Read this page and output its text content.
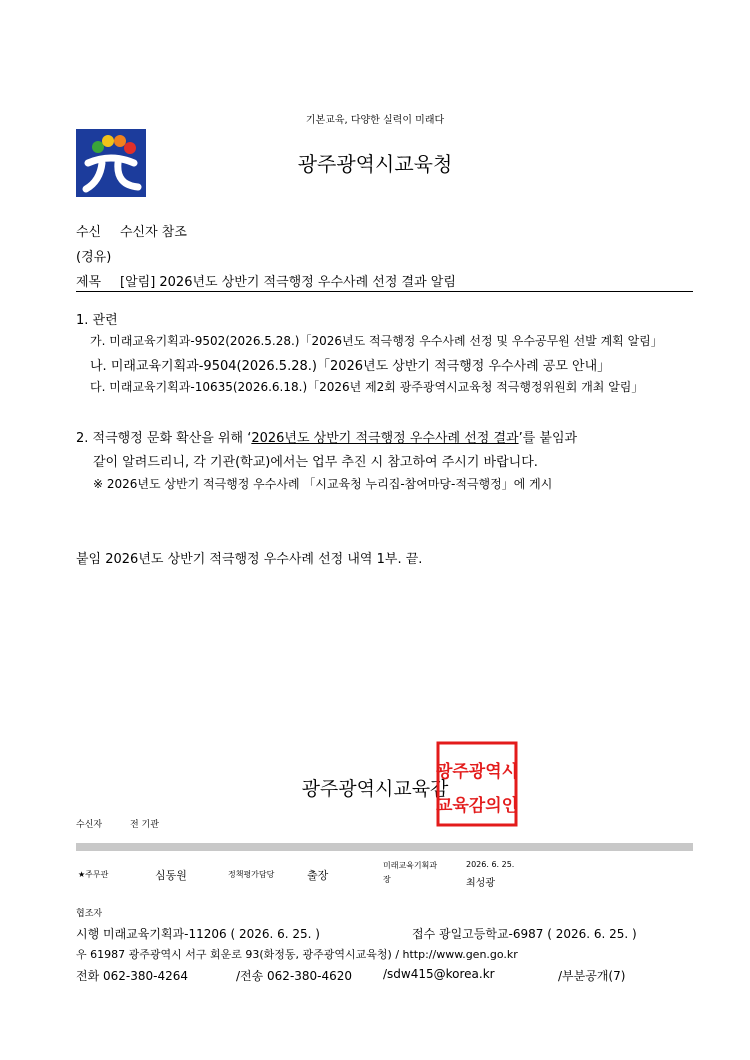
기본교육, 다양한 실력이 미래다
광주광역시교육청
수신 수신자 참조
(경유)
제목 [알림] 2026년도 상반기 적극행정 우수사례 선정 결과 알림
1. 관련
가. 미래교육기획과-9502(2026.5.28.)「2026년도 적극행정 우수사례 선정 및 우수공무원 선발 계획 알림」
나. 미래교육기획과-9504(2026.5.28.)「2026년도 상반기 적극행정 우수사례 공모 안내」
다. 미래교육기획과-10635(2026.6.18.)「2026년 제2회 광주광역시교육청 적극행정위원회 개최 알림」
2. 적극행정 문화 확산을 위해 ‘2026년도 상반기 적극행정 우수사례 선정 결과’를 붙임과
같이 알려드리니, 각 기관(학교)에서는 업무 추진 시 참고하여 주시기 바랍니다.
※ 2026년도 상반기 적극행정 우수사례 「시교육청 누리집-참여마당-적극행정」에 게시
붙임 2026년도 상반기 적극행정 우수사례 선정 내역 1부. 끝.
광주광역시교육감
광주광역시
교육감의인
수신자	전 기관
★주무관	심동원	정책평가담당	출장
미래교육기획과
장
2026. 6. 25.
최성광
협조자
시행 미래교육기획과-11206 ( 2026. 6. 25. )	접수 광일고등학교-6987 ( 2026. 6. 25. )
우 61987 광주광역시 서구 회운로 93(화정동, 광주광역시교육청) / http://www.gen.go.kr
전화 062-380-4264	/전송 062-380-4620	/sdw415@korea.kr	/부분공개(7)
